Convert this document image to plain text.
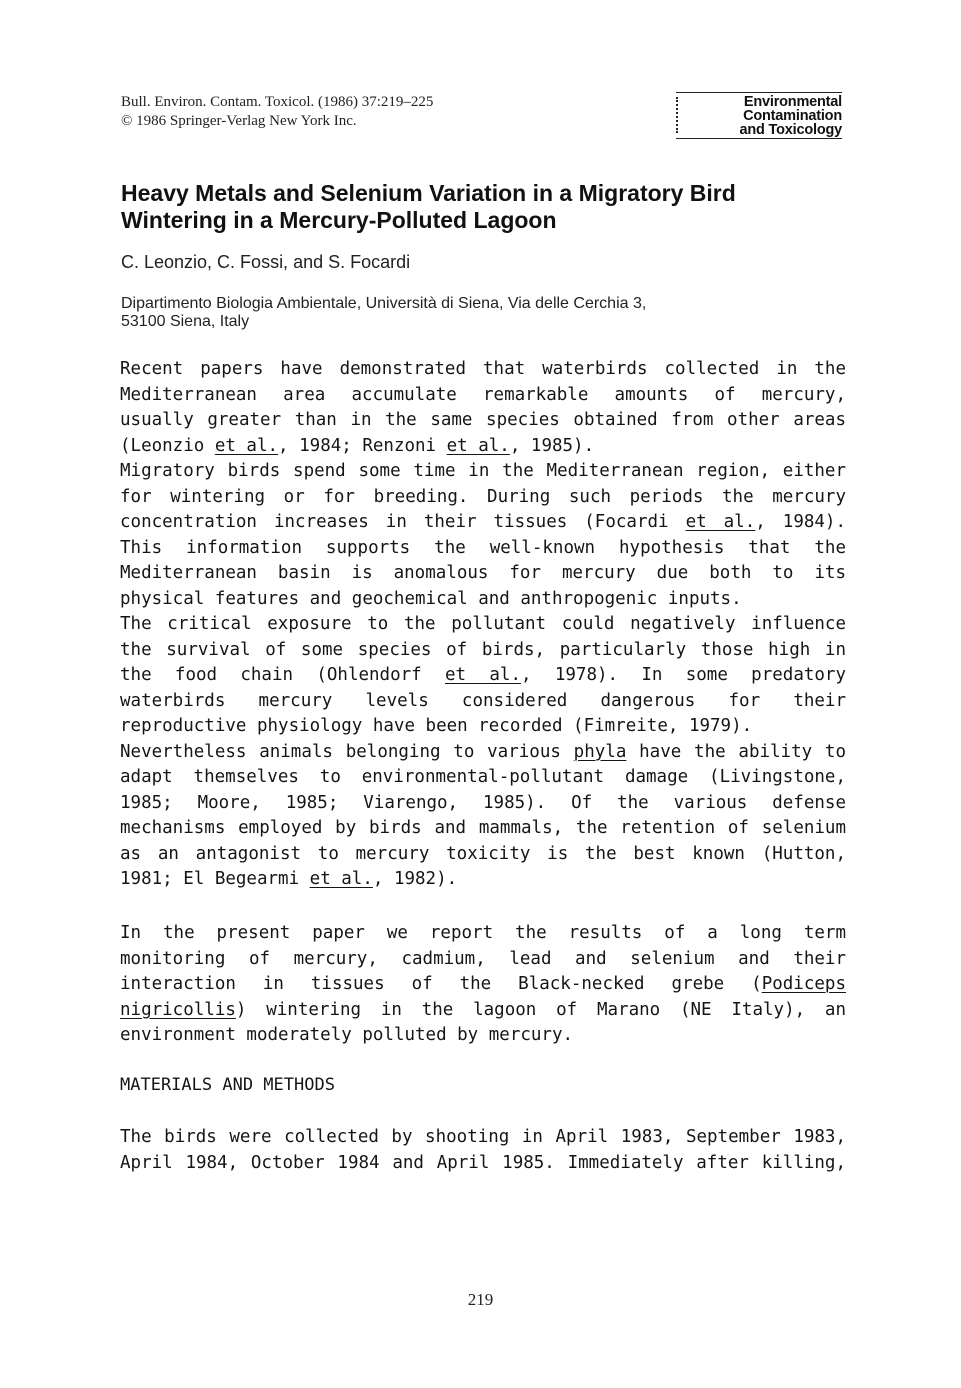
Bull. Environ. Contam. Toxicol. (1986) 37:219–225
© 1986 Springer-Verlag New York Inc.
Environmental
Contamination
and Toxicology
Heavy Metals and Selenium Variation in a Migratory Bird
Wintering in a Mercury-Polluted Lagoon
C. Leonzio, C. Fossi, and S. Focardi
Dipartimento Biologia Ambientale, Università di Siena, Via delle Cerchia 3,
53100 Siena, Italy
Recent papers have demonstrated that waterbirds collected in the
Mediterranean area accumulate remarkable amounts of mercury,
usually greater than in the same species obtained from other areas
(Leonzio et al., 1984; Renzoni et al., 1985).
Migratory birds spend some time in the Mediterranean region, either
for wintering or for breeding. During such periods the mercury
concentration increases in their tissues (Focardi et al., 1984).
This information supports the well-known hypothesis that the
Mediterranean basin is anomalous for mercury due both to its
physical features and geochemical and anthropogenic inputs.
The critical exposure to the pollutant could negatively influence
the survival of some species of birds, particularly those high in
the food chain (Ohlendorf et al., 1978). In some predatory
waterbirds mercury levels considered dangerous for their
reproductive physiology have been recorded (Fimreite, 1979).
Nevertheless animals belonging to various phyla have the ability to
adapt themselves to environmental-pollutant damage (Livingstone,
1985; Moore, 1985; Viarengo, 1985). Of the various defense
mechanisms employed by birds and mammals, the retention of selenium
as an antagonist to mercury toxicity is the best known (Hutton,
1981; El Begearmi et al., 1982).
In the present paper we report the results of a long term
monitoring of mercury, cadmium, lead and selenium and their
interaction in tissues of the Black-necked grebe (Podiceps
nigricollis) wintering in the lagoon of Marano (NE Italy), an
environment moderately polluted by mercury.
MATERIALS AND METHODS
The birds were collected by shooting in April 1983, September 1983,
April 1984, October 1984 and April 1985. Immediately after killing,
219
